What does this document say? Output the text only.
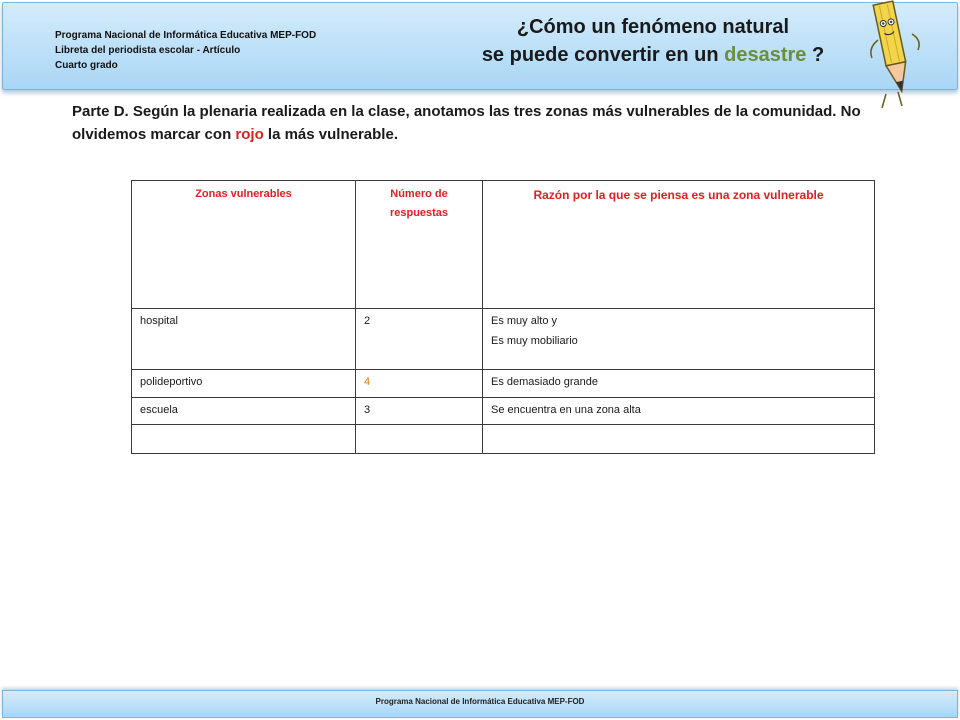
Programa Nacional de Informática Educativa MEP-FOD
Libreta del periodista escolar - Artículo
Cuarto grado
¿Cómo un fenómeno natural
se puede convertir en un desastre ?
Parte D. Según la plenaria realizada en la clase, anotamos las tres zonas más vulnerables de la comunidad. No olvidemos marcar con rojo la más vulnerable.
Zonas vulnerables	Número de respuestas	Razón por la que se piensa es una zona vulnerable
hospital	2	Es muy alto y
Es muy mobiliario

polideportivo	4	Es demasiado grande

escuela	3	Se encuentra en una zona alta

Programa Nacional de Informática Educativa MEP-FOD
